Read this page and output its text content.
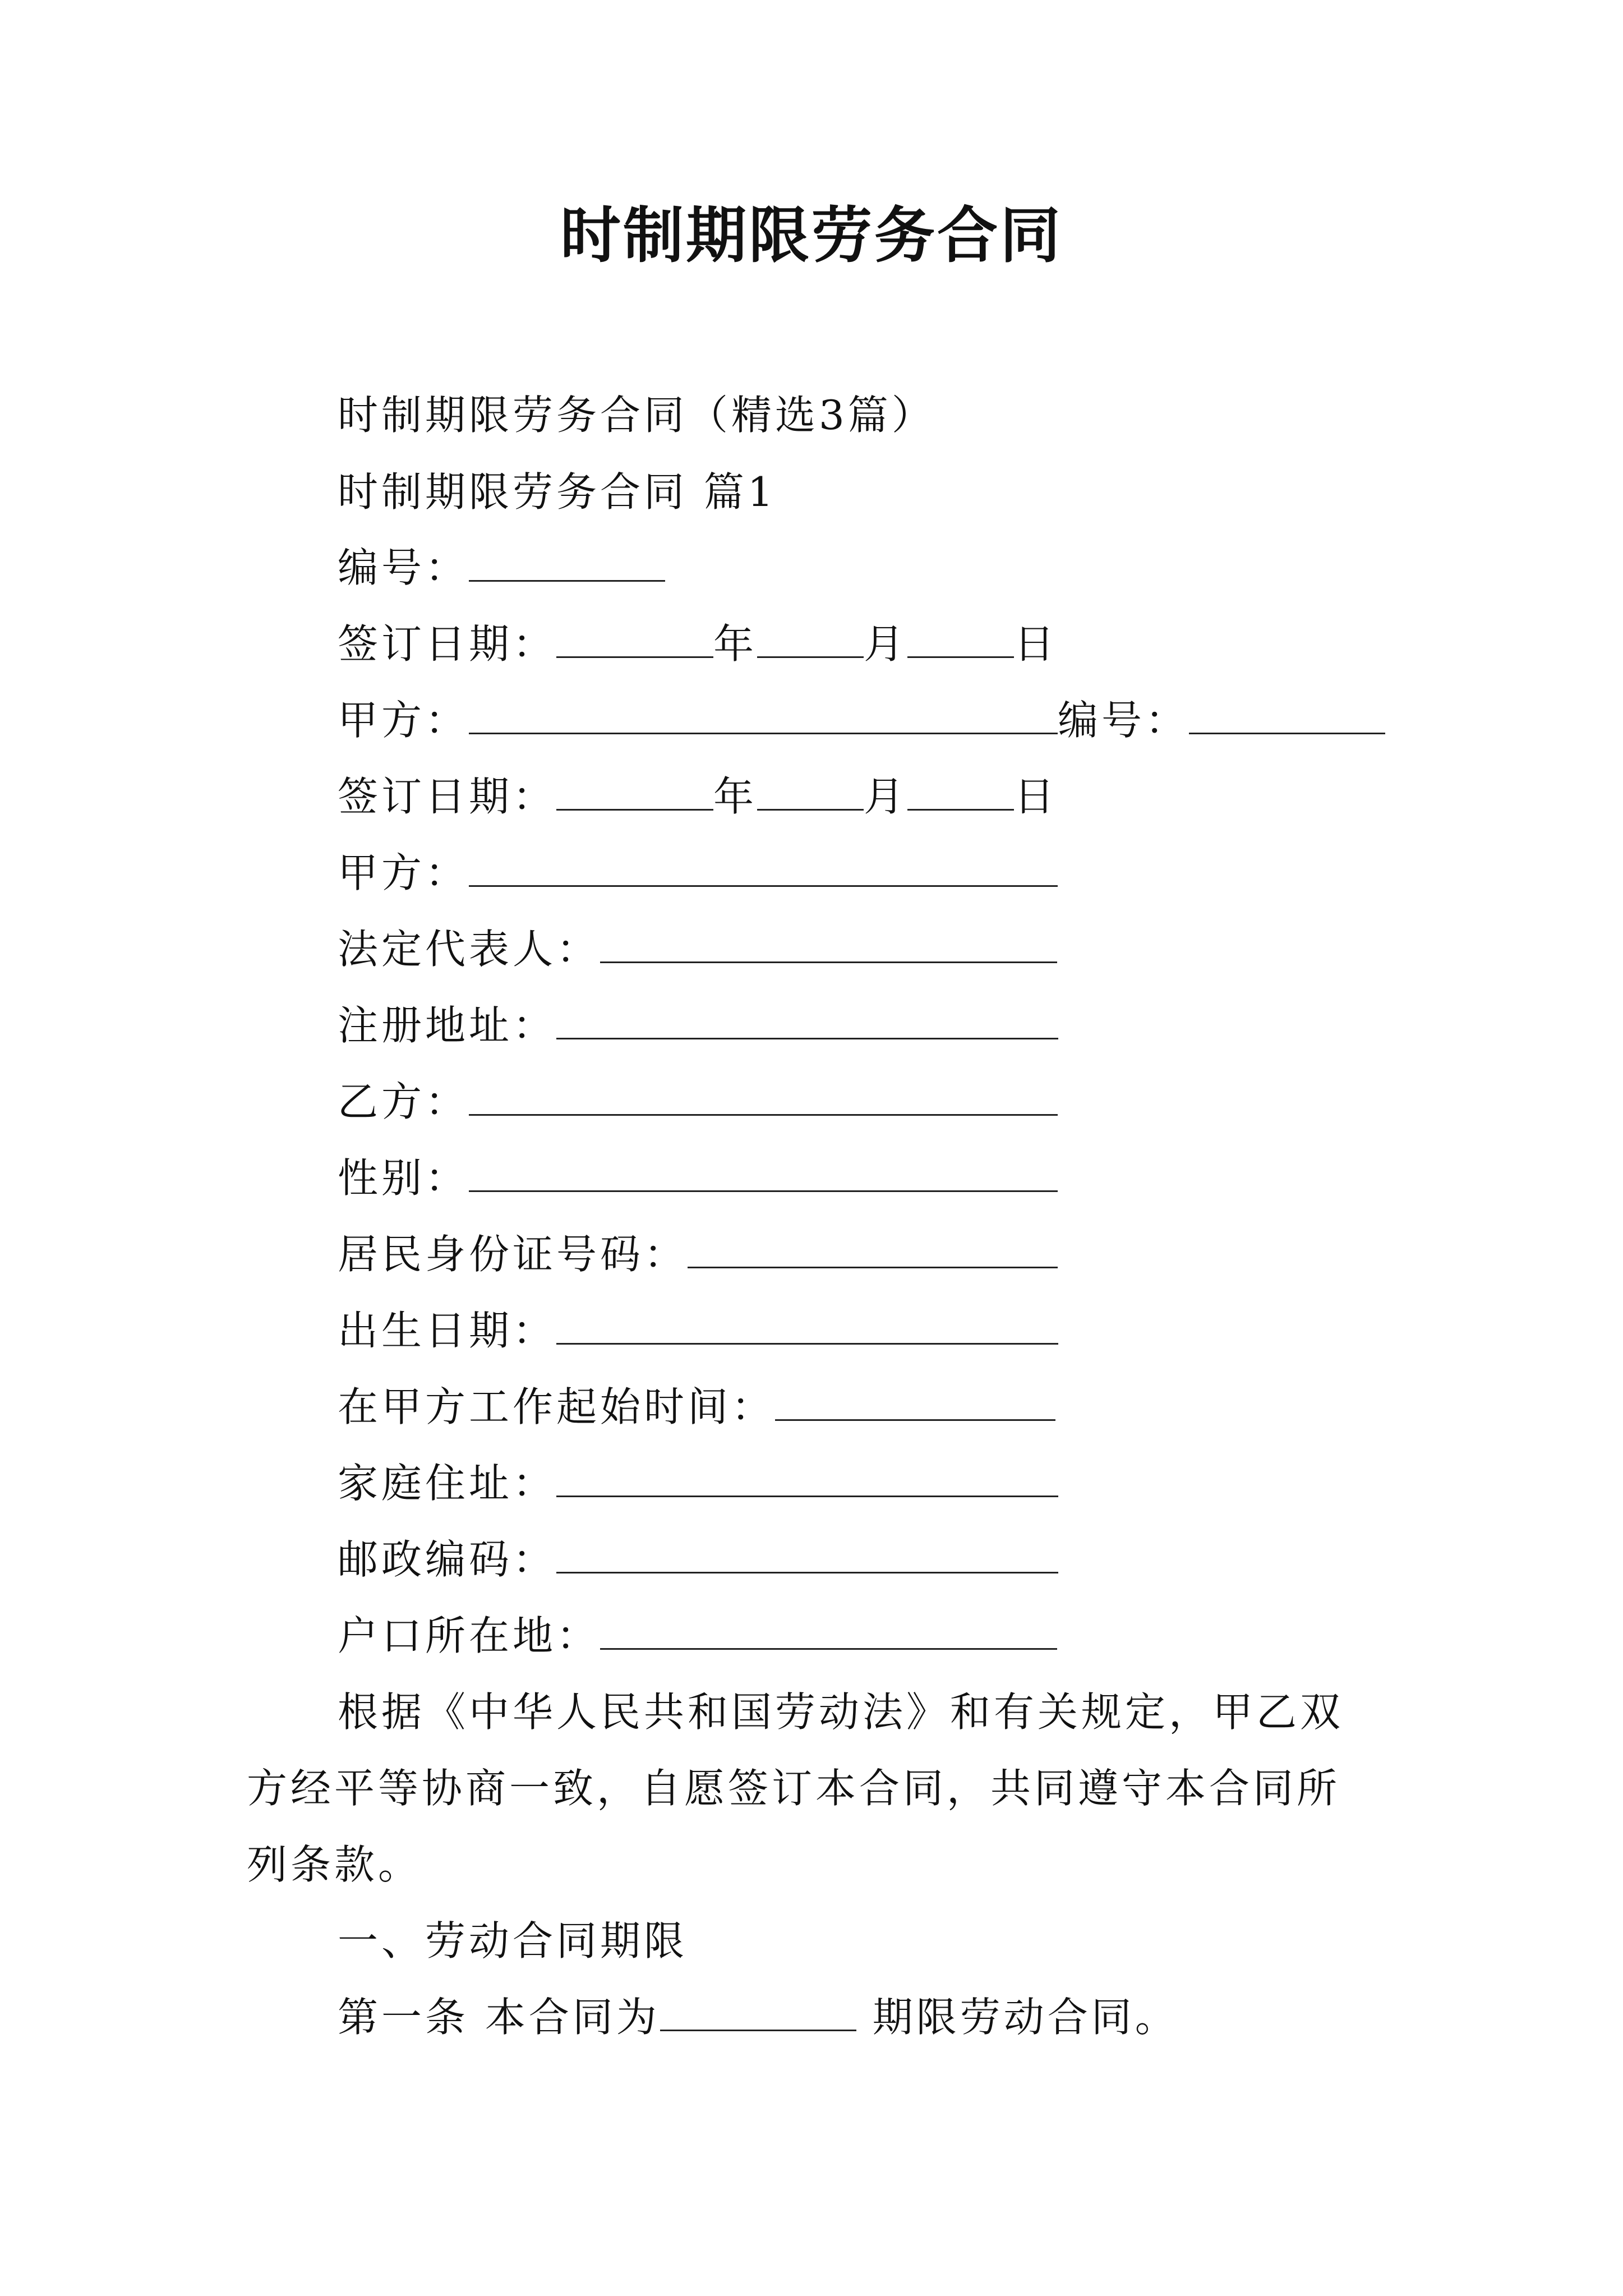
时制期限劳务合同
时制期限劳务合同（精选3篇）
时制期限劳务合同 篇1
编号：
签订日期：	年	月	日
甲方：	编号：
签订日期：	年	月	日
甲方：
法定代表人：
注册地址：
乙方：
性别：
居民身份证号码：
出生日期：
在甲方工作起始时间：
家庭住址：
邮政编码：
户口所在地：

根据《中华人民共和国劳动法》和有关规定，甲乙双方经平等协商一致，自愿签订本合同，共同遵守本合同所列条款。

一、劳动合同期限
第一条 本合同为	期限劳动合同。
